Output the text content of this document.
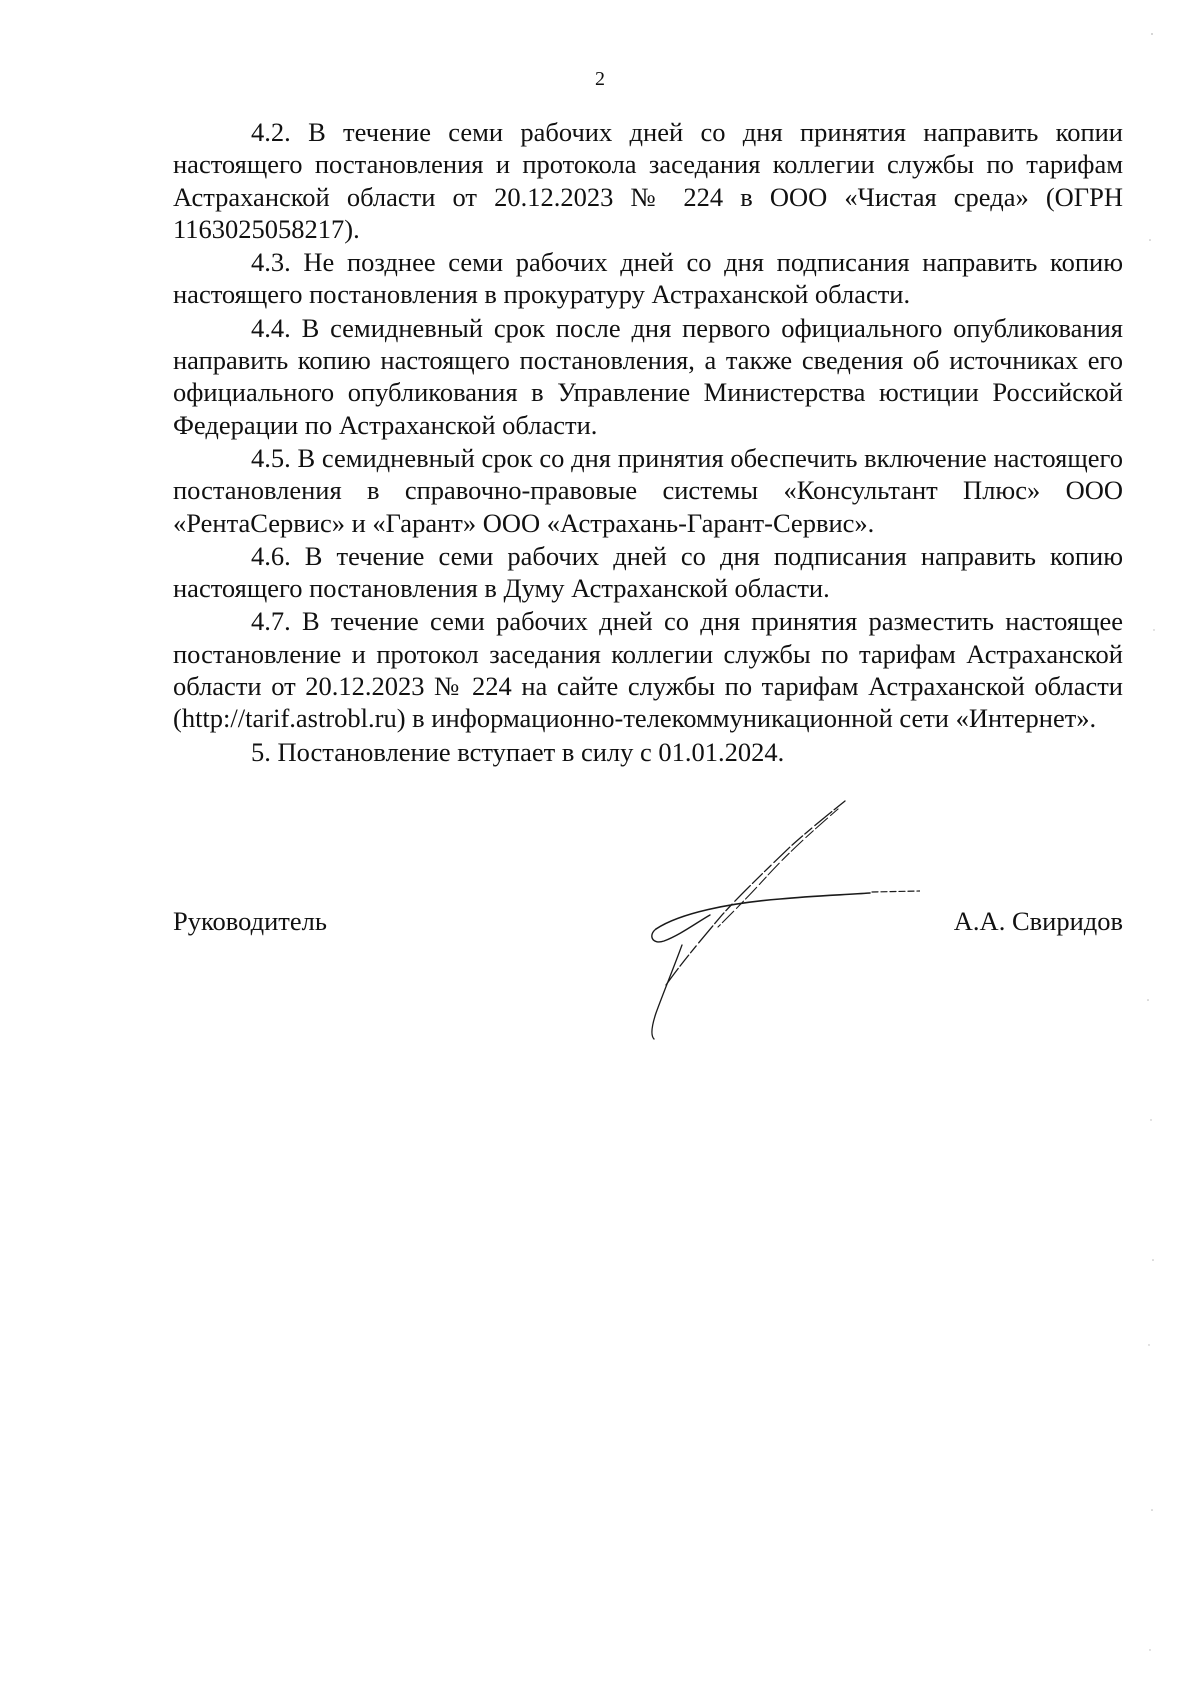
2

4.2. В течение семи рабочих дней со дня принятия направить копии настоящего постановления и протокола заседания коллегии службы по тарифам Астраханской области от 20.12.2023 № 224 в ООО «Чистая среда» (ОГРН 1163025058217).

4.3. Не позднее семи рабочих дней со дня подписания направить копию настоящего постановления в прокуратуру Астраханской области.

4.4. В семидневный срок после дня первого официального опубликования направить копию настоящего постановления, а также сведения об источниках его официального опубликования в Управление Министерства юстиции Российской Федерации по Астраханской области.

4.5. В семидневный срок со дня принятия обеспечить включение настоящего постановления в справочно-правовые системы «Консультант Плюс» ООО «РентаСервис» и «Гарант» ООО «Астрахань-Гарант-Сервис».

4.6. В течение семи рабочих дней со дня подписания направить копию настоящего постановления в Думу Астраханской области.

4.7. В течение семи рабочих дней со дня принятия разместить настоящее постановление и протокол заседания коллегии службы по тарифам Астраханской области от 20.12.2023 № 224 на сайте службы по тарифам Астраханской области (http://tarif.astrobl.ru) в информационно-телекоммуникационной сети «Интернет».

5. Постановление вступает в силу с 01.01.2024.

Руководитель	А.А. Свиридов
